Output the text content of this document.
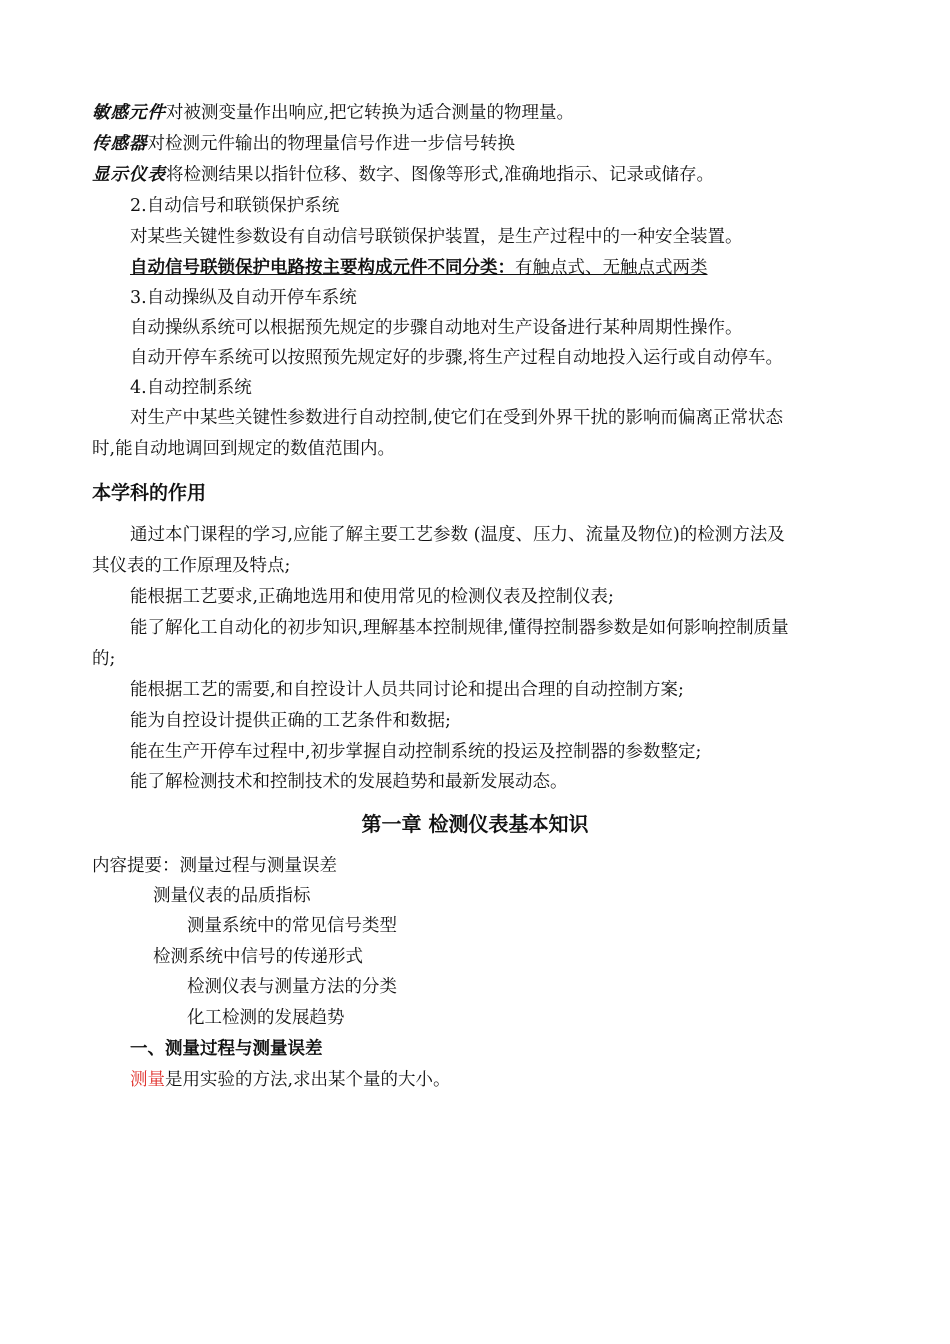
敏感元件对被测变量作出响应,把它转换为适合测量的物理量。
传感器对检测元件输出的物理量信号作进一步信号转换
显示仪表将检测结果以指针位移、数字、图像等形式,准确地指示、记录或储存。
2.自动信号和联锁保护系统
对某些关键性参数设有自动信号联锁保护装置，是生产过程中的一种安全装置。
自动信号联锁保护电路按主要构成元件不同分类：有触点式、无触点式两类
3.自动操纵及自动开停车系统
自动操纵系统可以根据预先规定的步骤自动地对生产设备进行某种周期性操作。
自动开停车系统可以按照预先规定好的步骤,将生产过程自动地投入运行或自动停车。
4.自动控制系统
对生产中某些关键性参数进行自动控制,使它们在受到外界干扰的影响而偏离正常状态
时,能自动地调回到规定的数值范围内。
本学科的作用
通过本门课程的学习,应能了解主要工艺参数 (温度、压力、流量及物位)的检测方法及
其仪表的工作原理及特点;
能根据工艺要求,正确地选用和使用常见的检测仪表及控制仪表;
能了解化工自动化的初步知识,理解基本控制规律,懂得控制器参数是如何影响控制质量
的;
能根据工艺的需要,和自控设计人员共同讨论和提出合理的自动控制方案;
能为自控设计提供正确的工艺条件和数据;
能在生产开停车过程中,初步掌握自动控制系统的投运及控制器的参数整定;
能了解检测技术和控制技术的发展趋势和最新发展动态。
第一章 检测仪表基本知识
内容提要：测量过程与测量误差
测量仪表的品质指标
测量系统中的常见信号类型
检测系统中信号的传递形式
检测仪表与测量方法的分类
化工检测的发展趋势
一、测量过程与测量误差
测量是用实验的方法,求出某个量的大小。
